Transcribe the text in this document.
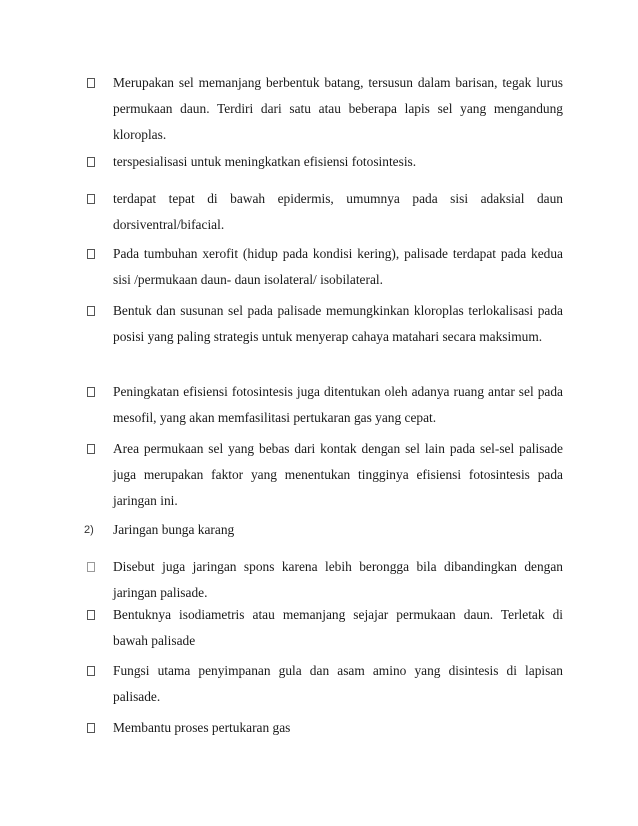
Merupakan sel memanjang berbentuk batang, tersusun dalam barisan, tegak lurus permukaan daun. Terdiri dari satu atau beberapa lapis sel yang mengandung kloroplas.

terspesialisasi untuk meningkatkan efisiensi fotosintesis.

terdapat tepat di bawah epidermis, umumnya pada sisi adaksial daun dorsiventral/bifacial.

Pada tumbuhan xerofit (hidup pada kondisi kering), palisade terdapat pada kedua sisi /permukaan daun- daun isolateral/ isobilateral.

Bentuk dan susunan sel pada palisade memungkinkan kloroplas terlokalisasi pada posisi yang paling strategis untuk menyerap cahaya matahari secara maksimum.

Peningkatan efisiensi fotosintesis juga ditentukan oleh adanya ruang antar sel pada mesofil, yang akan memfasilitasi pertukaran gas yang cepat.

Area permukaan sel yang bebas dari kontak dengan sel lain pada sel-sel palisade juga merupakan faktor yang menentukan tingginya efisiensi fotosintesis pada jaringan ini.

2) Jaringan bunga karang

Disebut juga jaringan spons karena lebih berongga bila dibandingkan dengan jaringan palisade.

Bentuknya isodiametris atau memanjang sejajar permukaan daun. Terletak di bawah palisade

Fungsi utama penyimpanan gula dan asam amino yang disintesis di lapisan palisade.

Membantu proses pertukaran gas
